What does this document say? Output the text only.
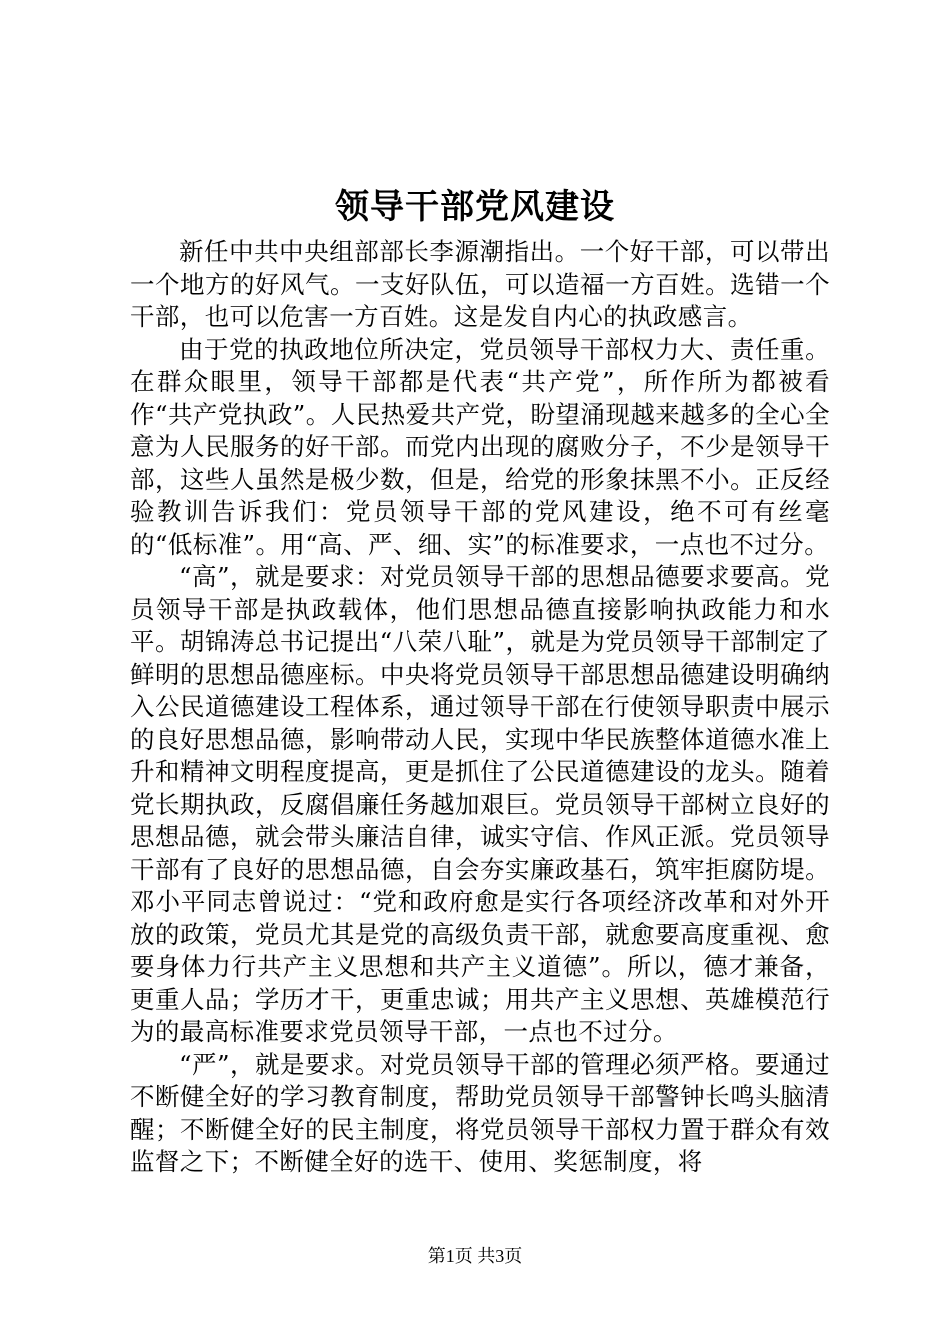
领导干部党风建设

新任中共中央组部部长李源潮指出。一个好干部，可以带出一个地方的好风气。一支好队伍，可以造福一方百姓。选错一个干部，也可以危害一方百姓。这是发自内心的执政感言。

由于党的执政地位所决定，党员领导干部权力大、责任重。在群众眼里，领导干部都是代表“共产党”，所作所为都被看作“共产党执政”。人民热爱共产党，盼望涌现越来越多的全心全意为人民服务的好干部。而党内出现的腐败分子，不少是领导干部，这些人虽然是极少数，但是，给党的形象抹黑不小。正反经验教训告诉我们：党员领导干部的党风建设，绝不可有丝毫的“低标准”。用“高、严、细、实”的标准要求，一点也不过分。

“高”，就是要求：对党员领导干部的思想品德要求要高。党员领导干部是执政载体，他们思想品德直接影响执政能力和水平。胡锦涛总书记提出“八荣八耻”，就是为党员领导干部制定了鲜明的思想品德座标。中央将党员领导干部思想品德建设明确纳入公民道德建设工程体系，通过领导干部在行使领导职责中展示的良好思想品德，影响带动人民，实现中华民族整体道德水准上升和精神文明程度提高，更是抓住了公民道德建设的龙头。随着党长期执政，反腐倡廉任务越加艰巨。党员领导干部树立良好的思想品德，就会带头廉洁自律，诚实守信、作风正派。党员领导干部有了良好的思想品德，自会夯实廉政基石，筑牢拒腐防堤。邓小平同志曾说过：“党和政府愈是实行各项经济改革和对外开放的政策，党员尤其是党的高级负责干部，就愈要高度重视、愈要身体力行共产主义思想和共产主义道德”。所以，德才兼备，更重人品；学历才干，更重忠诚；用共产主义思想、英雄模范行为的最高标准要求党员领导干部，一点也不过分。

“严”，就是要求。对党员领导干部的管理必须严格。要通过不断健全好的学习教育制度，帮助党员领导干部警钟长鸣头脑清醒；不断健全好的民主制度，将党员领导干部权力置于群众有效监督之下；不断健全好的选干、使用、奖惩制度，将

第1页 共3页
